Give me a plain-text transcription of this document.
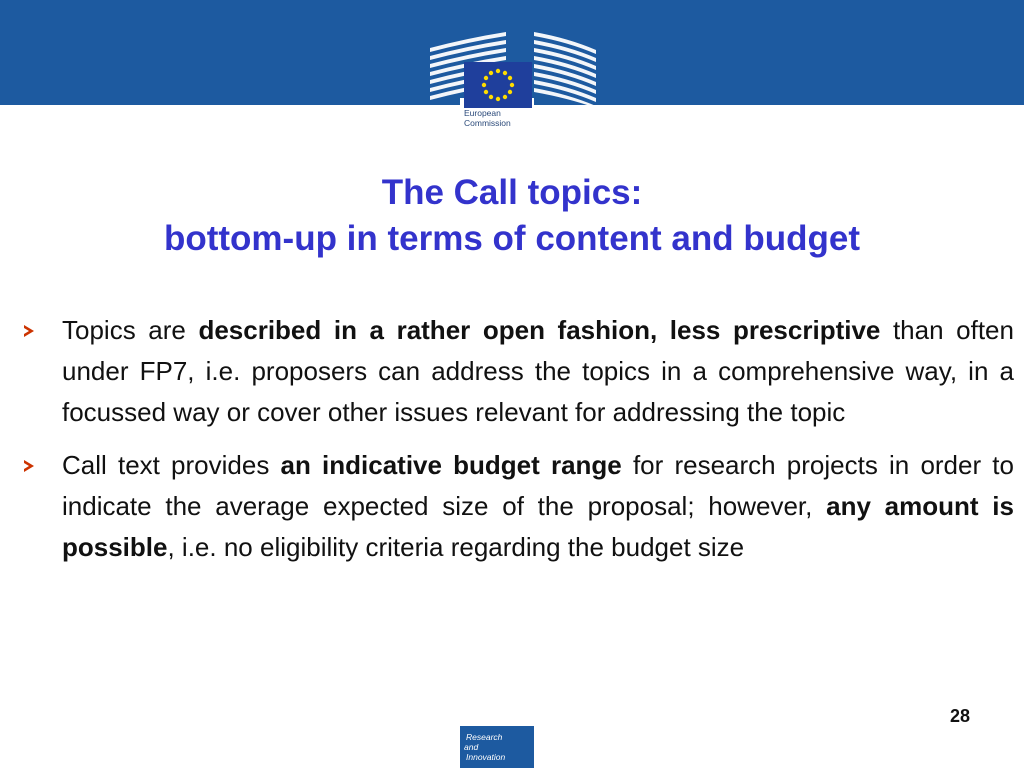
European
Commission
The Call topics:
bottom-up in terms of content and budget
Topics are described in a rather open fashion, less prescriptive than often under FP7, i.e. proposers can address the topics in a comprehensive way, in a focussed way or cover other issues relevant for addressing the topic
Call text provides an indicative budget range for research projects in order to indicate the average expected size of the proposal; however, any amount is possible, i.e. no eligibility criteria regarding the budget size
28
Research
and
Innovation
